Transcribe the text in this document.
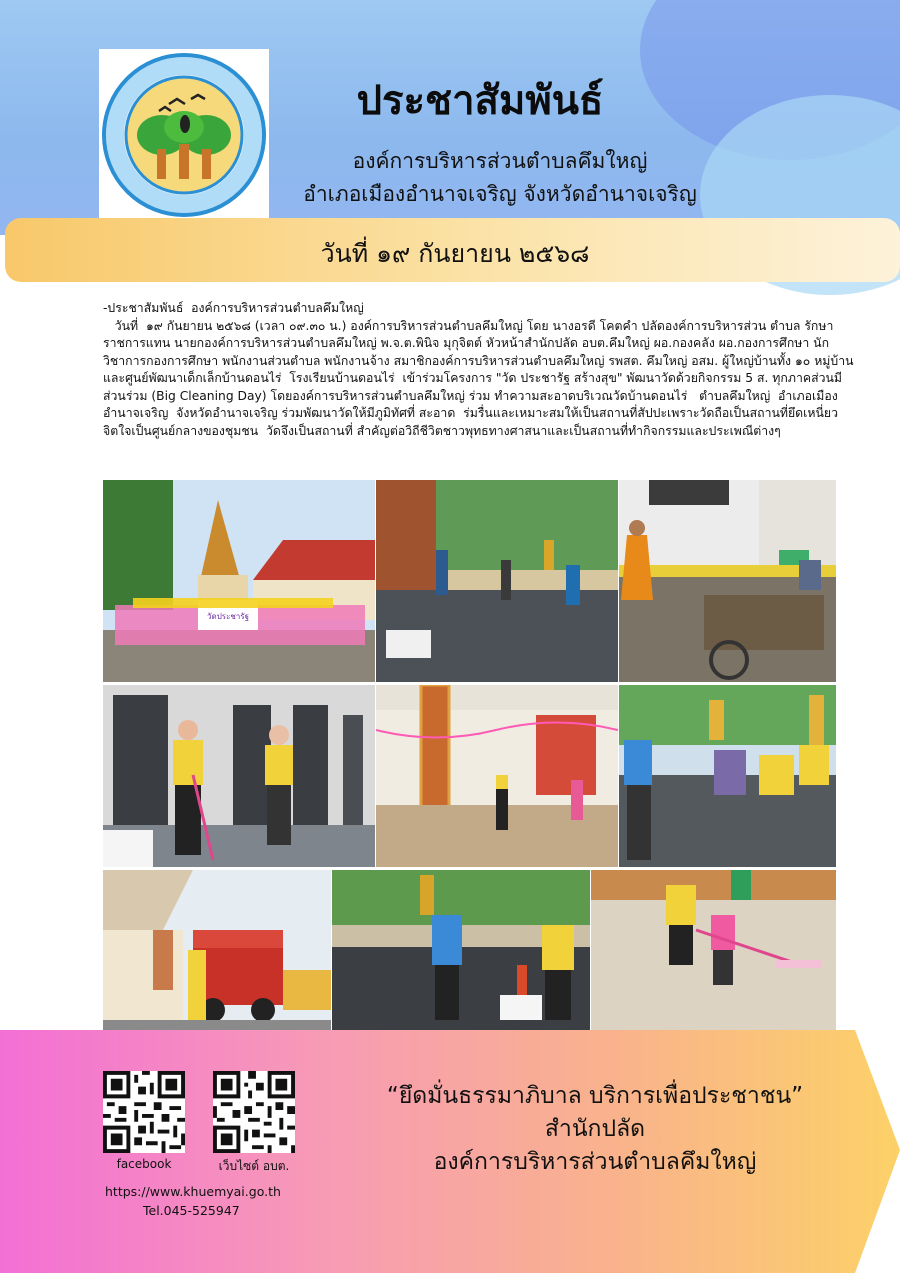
ประชาสัมพันธ์
องค์การบริหารส่วนตำบลคึมใหญ่
อำเภอเมืองอำนาจเจริญ จังหวัดอำนาจเจริญ
วันที่ ๑๙ กันยายน ๒๕๖๘
-ประชาสัมพันธ์  องค์การบริหารส่วนตำบลคึมใหญ่
วันที่  ๑๙ กันยายน ๒๕๖๘ (เวลา ๐๙.๓๐ น.) องค์การบริหารส่วนตำบลคึมใหญ่ โดย นางอรดี โคตคำ ปลัดองค์การบริหารส่วน ตำบล รักษาราชการแทน นายกองค์การบริหารส่วนตำบลคึมใหญ่ พ.จ.ต.พินิจ มุกุจิตต์ หัวหน้าสำนักปลัด อบต.คึมใหญ่ ผอ.กองคลัง ผอ.กองการศึกษา นักวิชาการกองการศึกษา พนักงานส่วนตำบล พนักงานจ้าง สมาชิกองค์การบริหารส่วนตำบลคึมใหญ่ รพสต. คึมใหญ่ อสม. ผู้ใหญ่บ้านทั้ง ๑๐ หมู่บ้าน  และศูนย์พัฒนาเด็กเล็กบ้านดอนไร่  โรงเรียนบ้านดอนไร่  เข้าร่วมโครงการ "วัด ประชารัฐ สร้างสุข" พัฒนาวัดด้วยกิจกรรม 5 ส. ทุกภาคส่วนมีส่วนร่วม (Big Cleaning Day) โดยองค์การบริหารส่วนตำบลคึมใหญ่ ร่วม ทำความสะอาดบริเวณวัดบ้านดอนไร่   ตำบลคึมใหญ่  อำเภอเมืองอำนาจเจริญ  จังหวัดอำนาจเจริญ ร่วมพัฒนาวัดให้มีภูมิทัศที่ สะอาด  ร่มรื่นและเหมาะสมให้เป็นสถานที่สัปปะเพราะวัดถือเป็นสถานที่ยึดเหนี่ยวจิตใจเป็นศูนย์กลางของชุมชน  วัดจึงเป็นสถานที่ สำคัญต่อวิถีชีวิตชาวพุทธทางศาสนาและเป็นสถานที่ทำกิจกรรมและประเพณีต่างๆ
วัดประชารัฐ
facebook	เว็บไซต์ อบต.
https://www.khuemyai.go.th
Tel.045-525947
“ยึดมั่นธรรมาภิบาล บริการเพื่อประชาชน”
สำนักปลัด
องค์การบริหารส่วนตำบลคึมใหญ่
